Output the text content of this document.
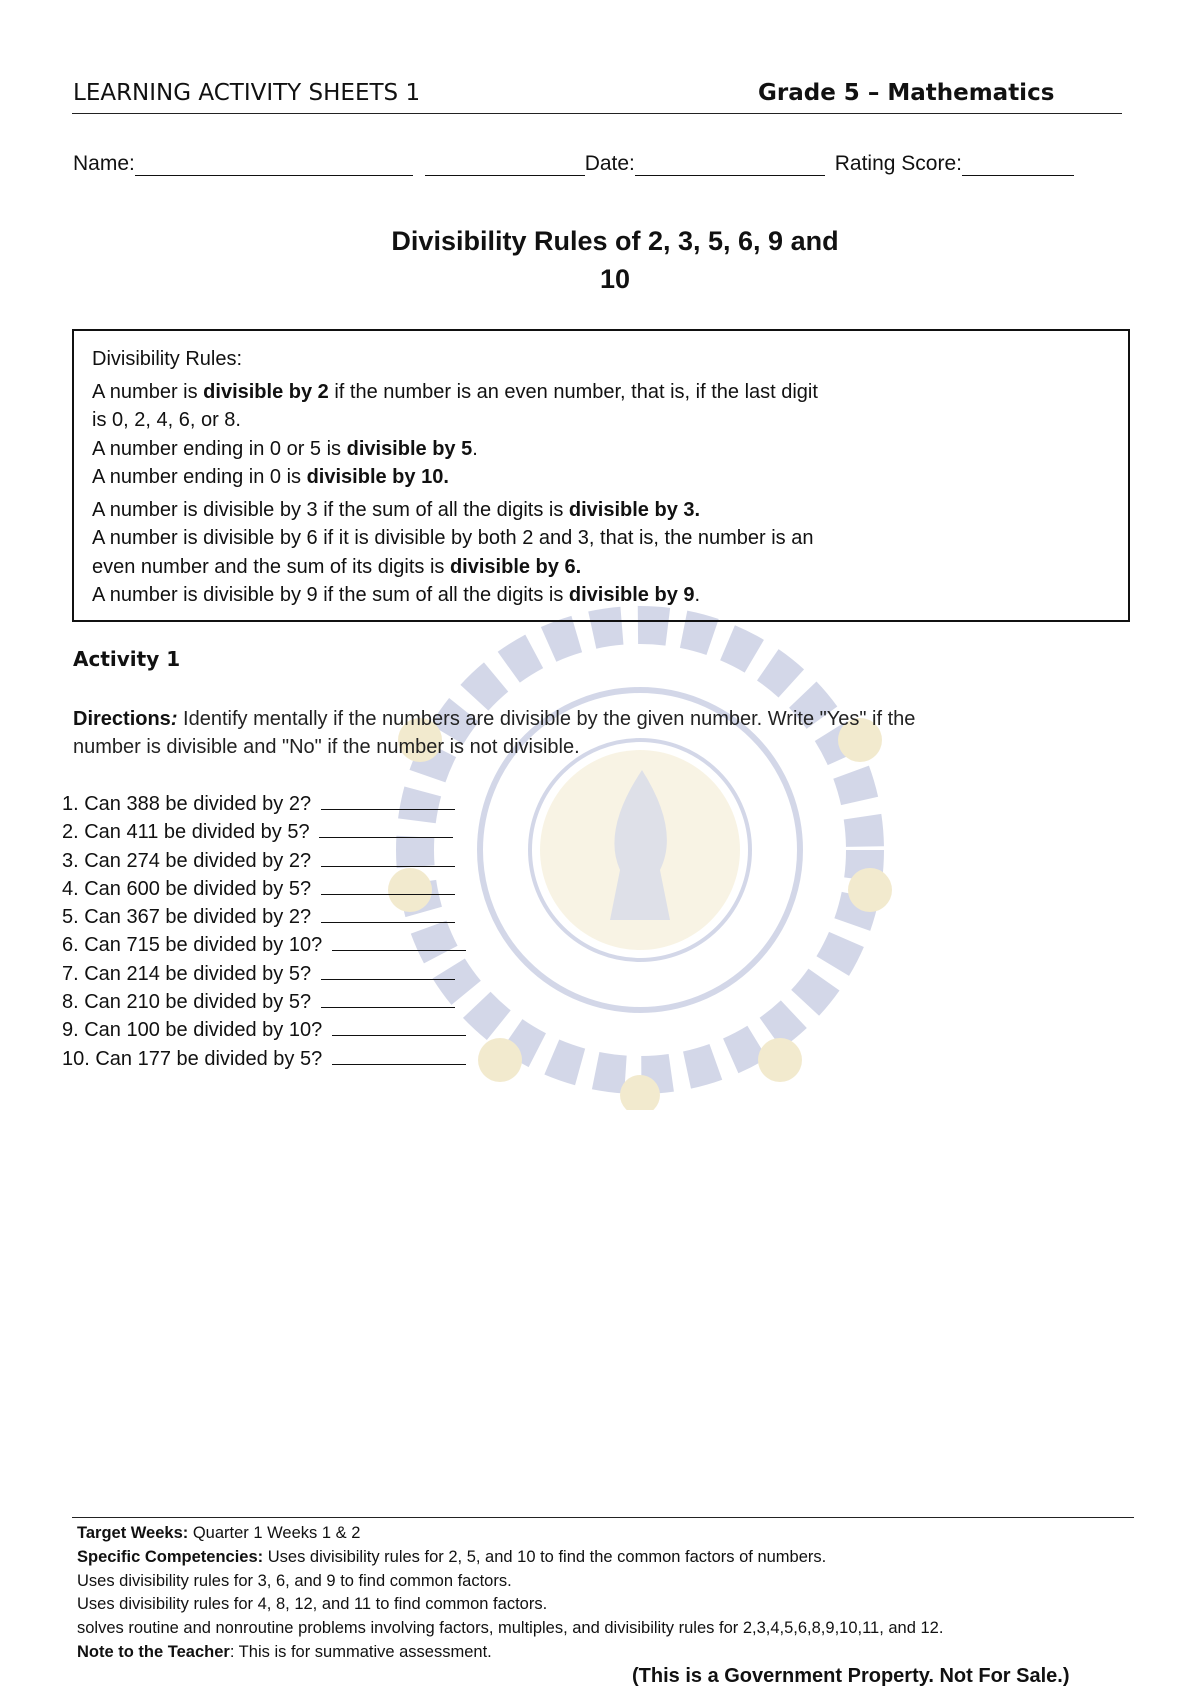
LEARNING ACTIVITY SHEETS 1	Grade 5 – Mathematics
Name:	Date:	Rating Score:
Divisibility Rules of 2, 3, 5, 6, 9 and
10
Divisibility Rules:
A number is divisible by 2 if the number is an even number, that is, if the last digit
is 0, 2, 4, 6, or 8.
A number ending in 0 or 5 is divisible by 5.
A number ending in 0 is divisible by 10.
A number is divisible by 3 if the sum of all the digits is divisible by 3.
A number is divisible by 6 if it is divisible by both 2 and 3, that is, the number is an
even number and the sum of its digits is divisible by 6.
A number is divisible by 9 if the sum of all the digits is divisible by 9.
Activity 1
Directions: Identify mentally if the numbers are divisible by the given number. Write "Yes" if the
number is divisible and "No" if the number is not divisible.
1. Can 388 be divided by 2?
2. Can 411 be divided by 5?
3. Can 274 be divided by 2?
4. Can 600 be divided by 5?
5. Can 367 be divided by 2?
6. Can 715 be divided by 10?
7. Can 214 be divided by 5?
8. Can 210 be divided by 5?
9. Can 100 be divided by 10?
10. Can 177 be divided by 5?
Target Weeks: Quarter 1 Weeks 1 & 2
Specific Competencies: Uses divisibility rules for 2, 5, and 10 to find the common factors of numbers.
Uses divisibility rules for 3, 6, and 9 to find common factors.
Uses divisibility rules for 4, 8, 12, and 11 to find common factors.
solves routine and nonroutine problems involving factors, multiples, and divisibility rules for 2,3,4,5,6,8,9,10,11, and 12.
Note to the Teacher: This is for summative assessment.
(This is a Government Property. Not For Sale.)
